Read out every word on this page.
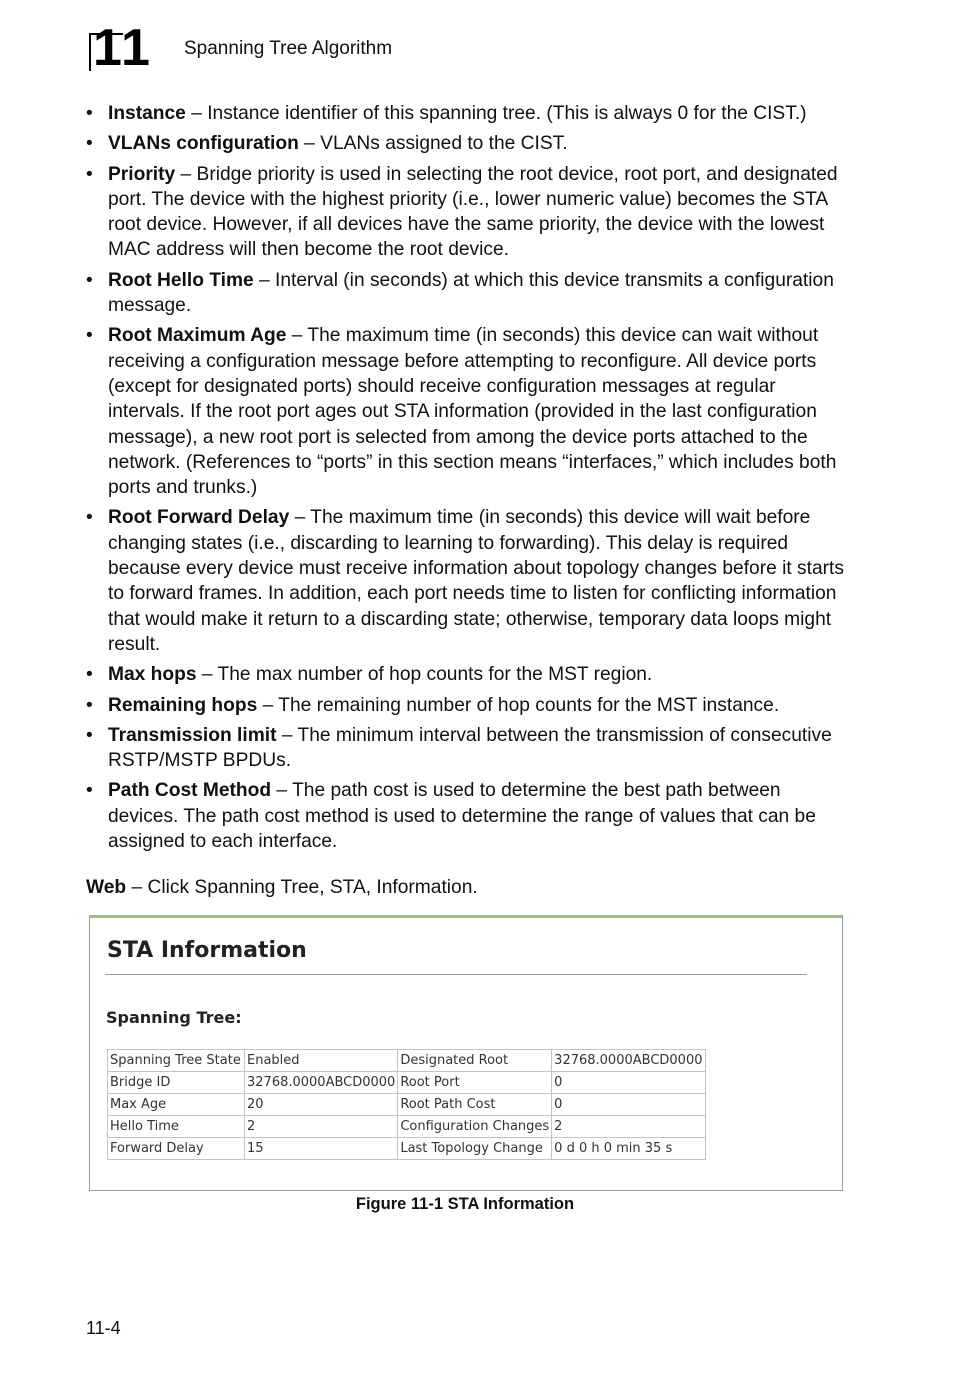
11 Spanning Tree Algorithm
• Instance – Instance identifier of this spanning tree. (This is always 0 for the CIST.)
• VLANs configuration – VLANs assigned to the CIST.
• Priority – Bridge priority is used in selecting the root device, root port, and designated port. The device with the highest priority (i.e., lower numeric value) becomes the STA root device. However, if all devices have the same priority, the device with the lowest MAC address will then become the root device.
• Root Hello Time – Interval (in seconds) at which this device transmits a configuration message.
• Root Maximum Age – The maximum time (in seconds) this device can wait without receiving a configuration message before attempting to reconfigure. All device ports (except for designated ports) should receive configuration messages at regular intervals. If the root port ages out STA information (provided in the last configuration message), a new root port is selected from among the device ports attached to the network. (References to “ports” in this section means “interfaces,” which includes both ports and trunks.)
• Root Forward Delay – The maximum time (in seconds) this device will wait before changing states (i.e., discarding to learning to forwarding). This delay is required because every device must receive information about topology changes before it starts to forward frames. In addition, each port needs time to listen for conflicting information that would make it return to a discarding state; otherwise, temporary data loops might result.
• Max hops – The max number of hop counts for the MST region.
• Remaining hops – The remaining number of hop counts for the MST instance.
• Transmission limit – The minimum interval between the transmission of consecutive RSTP/MSTP BPDUs.
• Path Cost Method – The path cost is used to determine the best path between devices. The path cost method is used to determine the range of values that can be assigned to each interface.
Web – Click Spanning Tree, STA, Information.
STA Information
Spanning Tree:
Spanning Tree State	Enabled	Designated Root	32768.0000ABCD0000
Bridge ID	32768.0000ABCD0000	Root Port	0
Max Age	20	Root Path Cost	0
Hello Time	2	Configuration Changes	2
Forward Delay	15	Last Topology Change	0 d 0 h 0 min 35 s
Figure 11-1 STA Information
11-4
